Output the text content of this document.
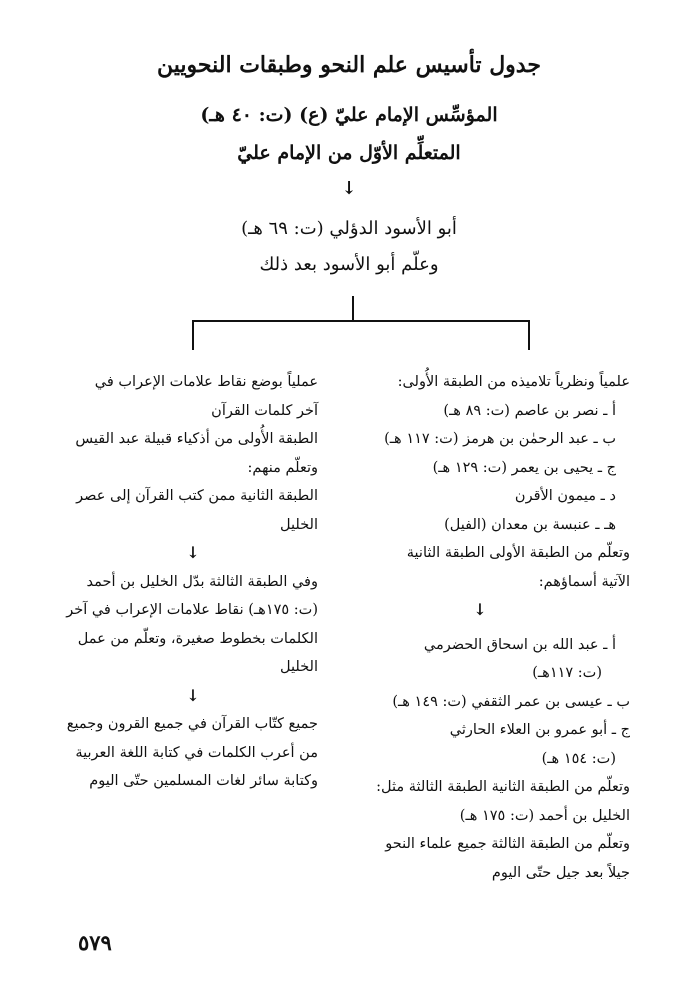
جدول تأسيس علم النحو وطبقات النحويين
المؤسِّس الإمام عليّ (ع) (ت: ٤٠ هـ)
المتعلِّم الأوّل من الإمام عليّ
↓
أبو الأسود الدؤلي (ت: ٦٩ هـ)
وعلّم أبو الأسود بعد ذلك
علمياً ونظرياً تلاميذه من الطبقة الأُولى:
أ ـ نصر بن عاصم (ت: ٨٩ هـ)
ب ـ عبد الرحمٰن بن هرمز (ت: ١١٧ هـ)
ج ـ يحيى بن يعمر (ت: ١٢٩ هـ)
د ـ ميمون الأقرن
هـ ـ عنبسة بن معدان (الفيل)
وتعلّم من الطبقة الأولى الطبقة الثانية
الآتية أسماؤهم:
↓
أ ـ عبد الله بن اسحاق الحضرمي
(ت: ١١٧هـ)
ب ـ عيسى بن عمر الثقفي (ت: ١٤٩ هـ)
ج ـ أبو عمرو بن العلاء الحارثي
(ت: ١٥٤ هـ)
وتعلّم من الطبقة الثانية الطبقة الثالثة مثل:
الخليل بن أحمد (ت: ١٧٥ هـ)
وتعلّم من الطبقة الثالثة جميع علماء النحو
جيلاً بعد جيل حتّى اليوم
عملياً بوضع نقاط علامات الإعراب في
آخر كلمات القرآن
الطبقة الأُولى من أذكياء قبيلة عبد القيس
وتعلّم منهم:
الطبقة الثانية ممن كتب القرآن إلى عصر
الخليل
↓
وفي الطبقة الثالثة بدّل الخليل بن أحمد
(ت: ١٧٥هـ) نقاط علامات الإعراب في آخر
الكلمات بخطوط صغيرة، وتعلّم من عمل
الخليل
↓
جميع كتّاب القرآن في جميع القرون وجميع
من أعرب الكلمات في كتابة اللغة العربية
وكتابة سائر لغات المسلمين حتّى اليوم
٥٧٩
